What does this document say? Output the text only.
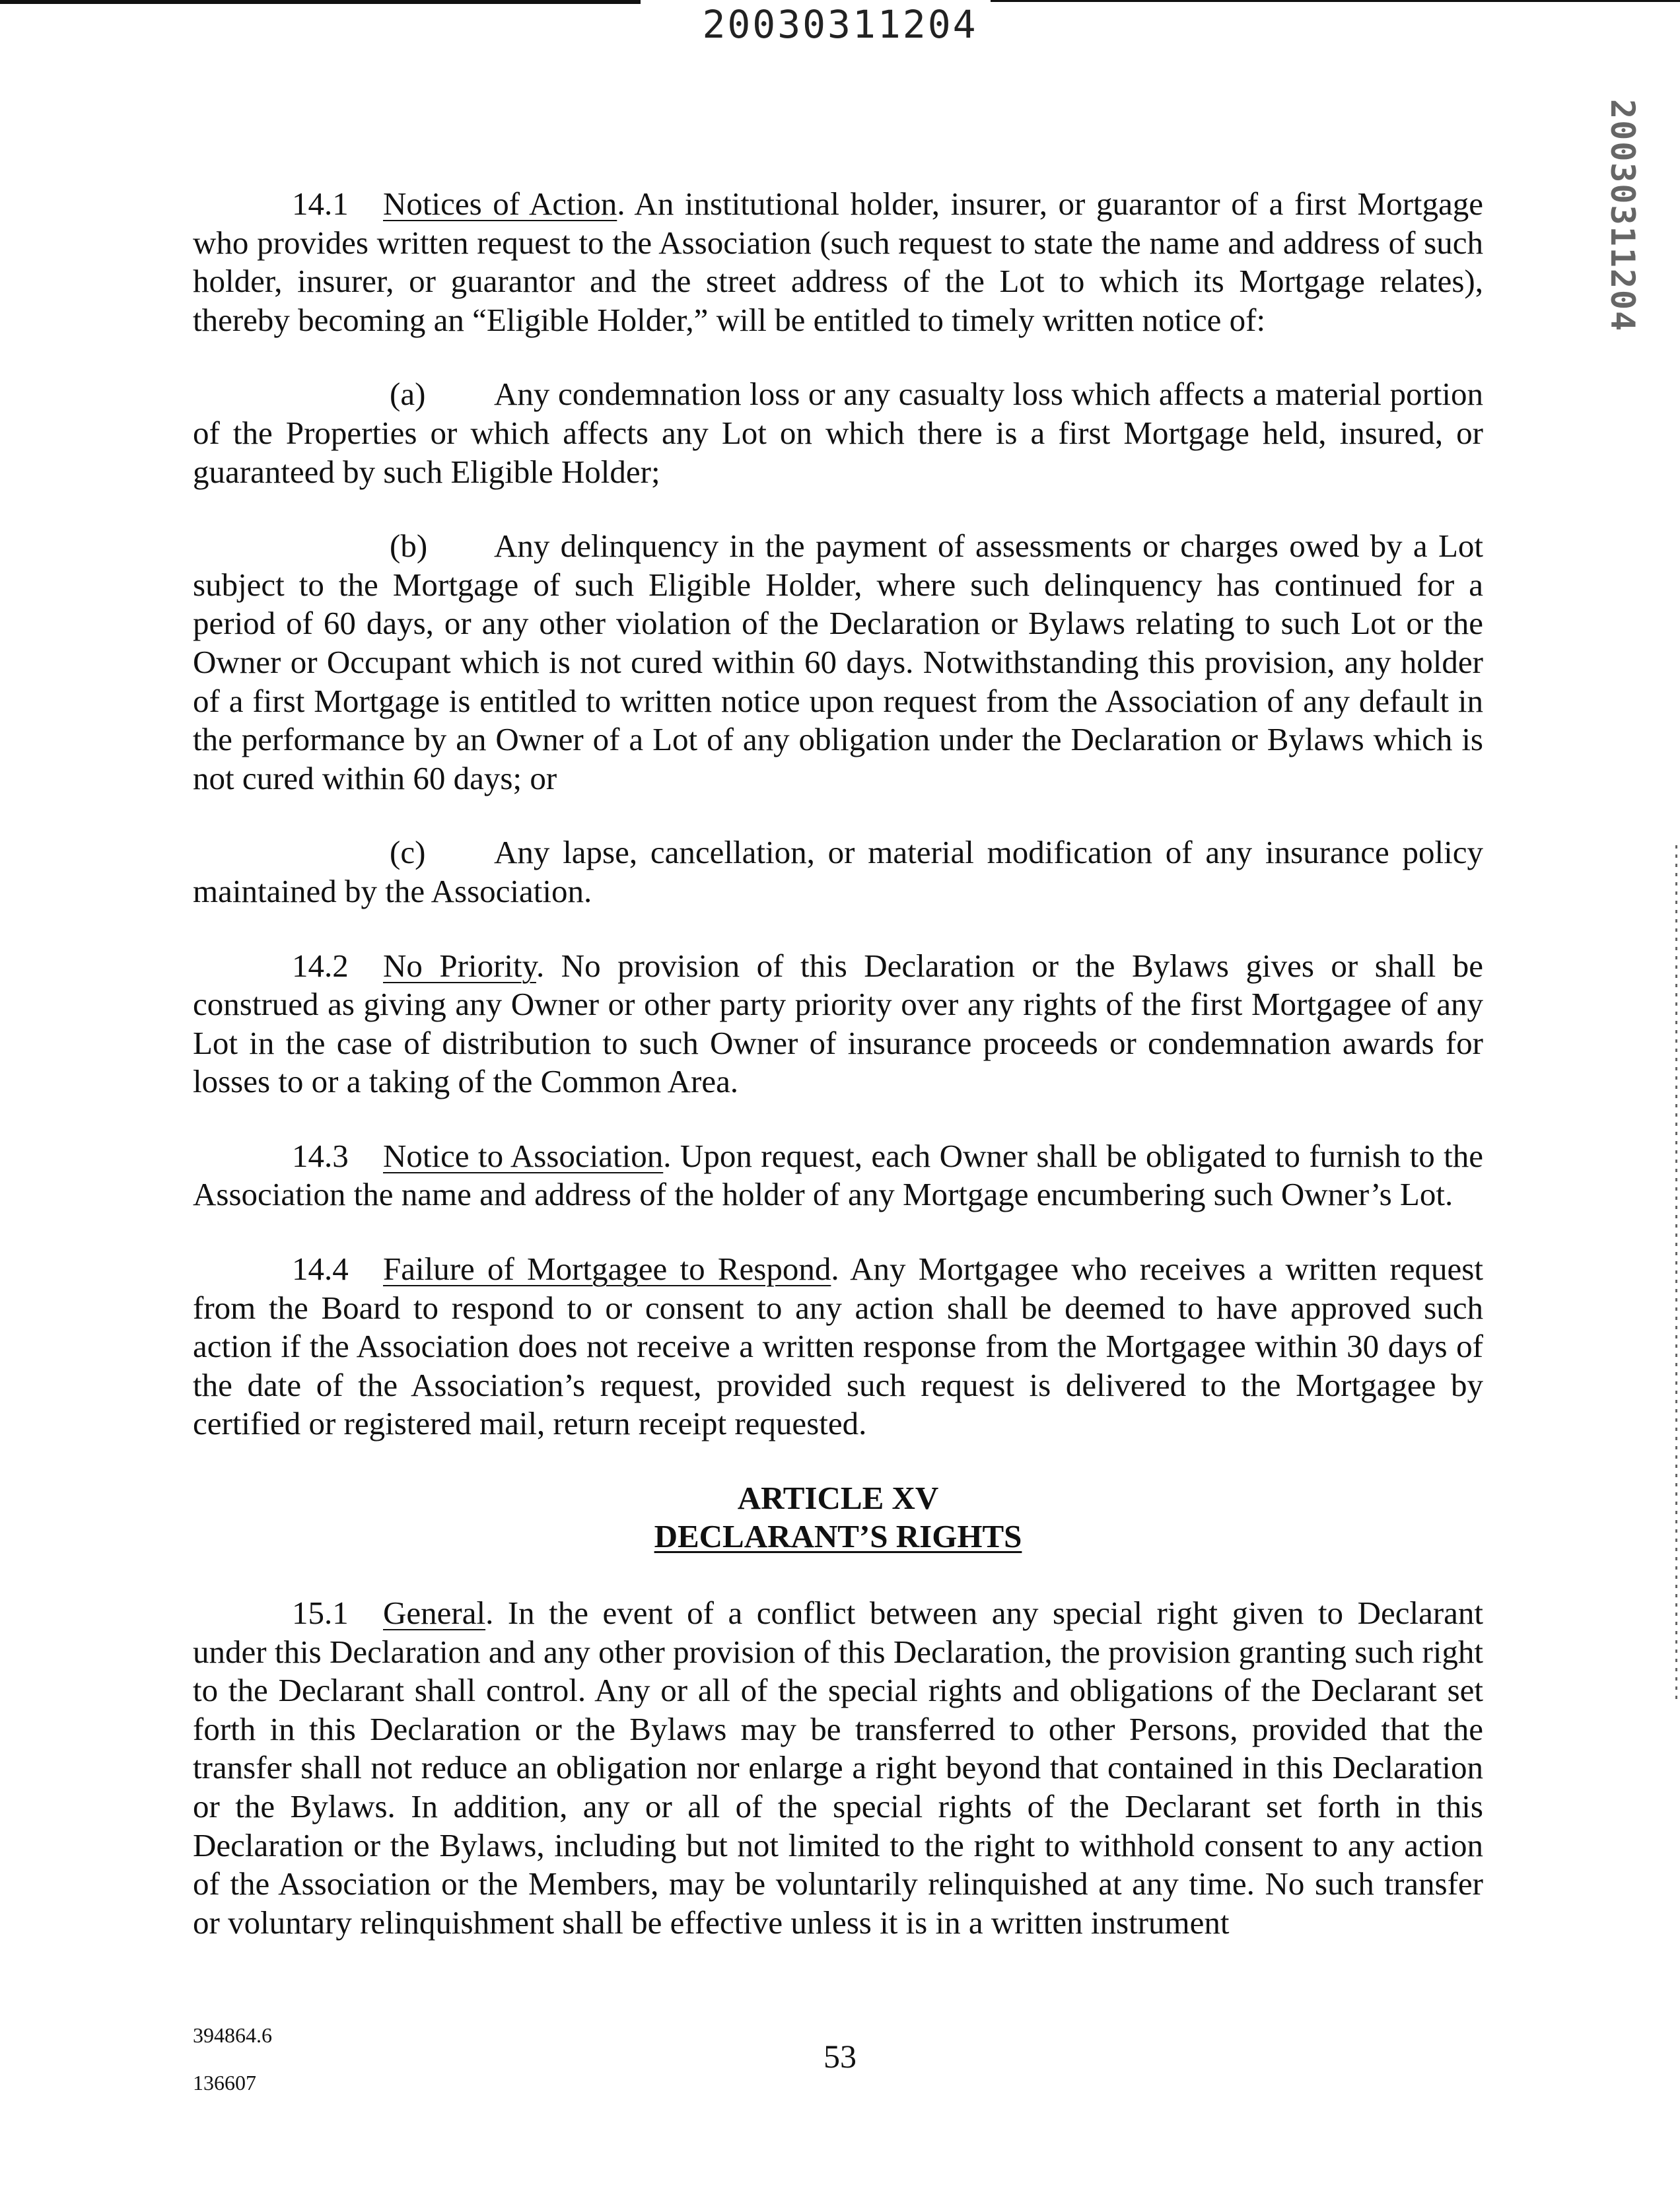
20030311204
20030311204

14.1 Notices of Action. An institutional holder, insurer, or guarantor of a first Mortgage who provides written request to the Association (such request to state the name and address of such holder, insurer, or guarantor and the street address of the Lot to which its Mortgage relates), thereby becoming an “Eligible Holder,” will be entitled to timely written notice of:

(a) Any condemnation loss or any casualty loss which affects a material portion of the Properties or which affects any Lot on which there is a first Mortgage held, insured, or guaranteed by such Eligible Holder;

(b) Any delinquency in the payment of assessments or charges owed by a Lot subject to the Mortgage of such Eligible Holder, where such delinquency has continued for a period of 60 days, or any other violation of the Declaration or Bylaws relating to such Lot or the Owner or Occupant which is not cured within 60 days. Notwithstanding this provision, any holder of a first Mortgage is entitled to written notice upon request from the Association of any default in the performance by an Owner of a Lot of any obligation under the Declaration or Bylaws which is not cured within 60 days; or

(c) Any lapse, cancellation, or material modification of any insurance policy maintained by the Association.

14.2 No Priority. No provision of this Declaration or the Bylaws gives or shall be construed as giving any Owner or other party priority over any rights of the first Mortgagee of any Lot in the case of distribution to such Owner of insurance proceeds or condemnation awards for losses to or a taking of the Common Area.

14.3 Notice to Association. Upon request, each Owner shall be obligated to furnish to the Association the name and address of the holder of any Mortgage encumbering such Owner’s Lot.

14.4 Failure of Mortgagee to Respond. Any Mortgagee who receives a written request from the Board to respond to or consent to any action shall be deemed to have approved such action if the Association does not receive a written response from the Mortgagee within 30 days of the date of the Association’s request, provided such request is delivered to the Mortgagee by certified or registered mail, return receipt requested.

ARTICLE XV
DECLARANT’S RIGHTS

15.1 General. In the event of a conflict between any special right given to Declarant under this Declaration and any other provision of this Declaration, the provision granting such right to the Declarant shall control. Any or all of the special rights and obligations of the Declarant set forth in this Declaration or the Bylaws may be transferred to other Persons, provided that the transfer shall not reduce an obligation nor enlarge a right beyond that contained in this Declaration or the Bylaws. In addition, any or all of the special rights of the Declarant set forth in this Declaration or the Bylaws, including but not limited to the right to withhold consent to any action of the Association or the Members, may be voluntarily relinquished at any time. No such transfer or voluntary relinquishment shall be effective unless it is in a written instrument

394864.6
136607
53
